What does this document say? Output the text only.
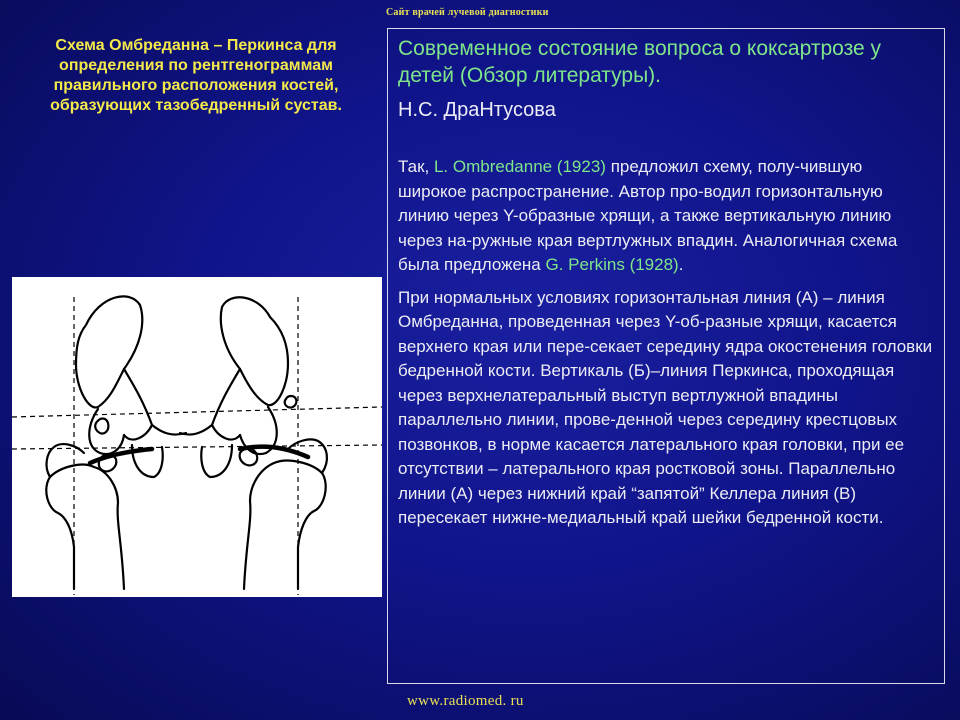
Сайт врачей лучевой диагностики
Схема Омбреданна – Перкинса для определения по рентгенограммам правильного расположения костей, образующих тазобедренный сустав.

Современное состояние вопроса о коксартрозе у детей (Обзор литературы).

Н.С. ДраНтусова

Так, L. Ombredanne (1923) предложил схему, полу-чившую широкое распространение. Автор про-водил горизонтальную линию через Y-образные хрящи, а также вертикальную линию через на-ружные края вертлужных впадин. Аналогичная схема была предложена G. Perkins (1928).

При нормальных условиях горизонтальная линия (А) – линия Омбреданна, проведенная через Y-об-разные хрящи, касается верхнего края или пере-секает середину ядра окостенения головки бедренной кости. Вертикаль (Б)–линия Перкинса, проходящая через верхнелатеральный выступ вертлужной впадины параллельно линии, прове-денной через середину крестцовых позвонков, в норме касается латерального края головки, при ее отсутствии – латерального края ростковой зоны. Параллельно линии (А) через нижний край “запятой” Келлера линия (В) пересекает нижне-медиальный край шейки бедренной кости.

www.radiomed. ru
